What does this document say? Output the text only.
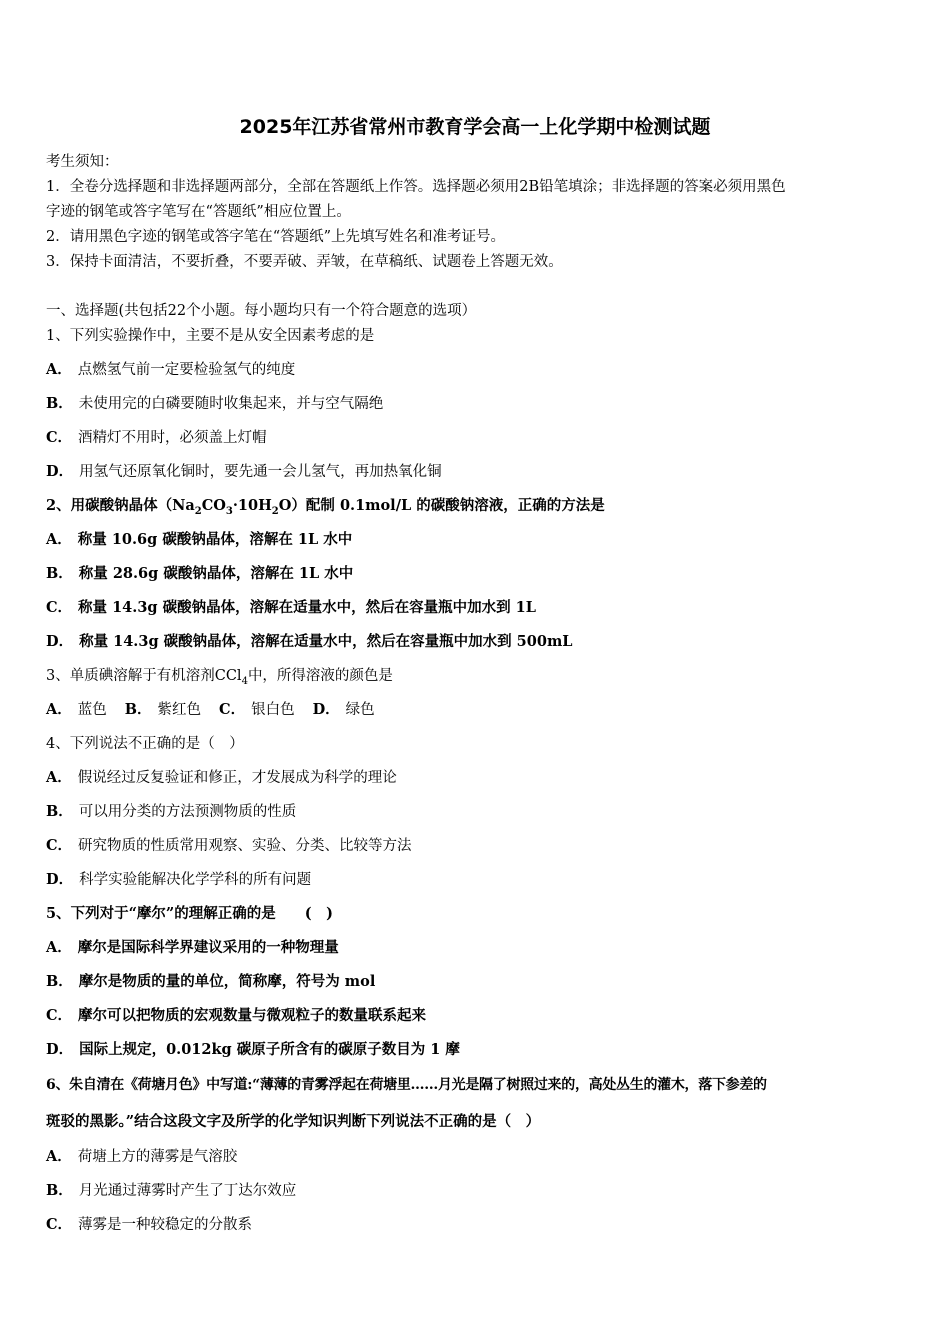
2025年江苏省常州市教育学会高一上化学期中检测试题
考生须知：
1．全卷分选择题和非选择题两部分，全部在答题纸上作答。选择题必须用2B铅笔填涂；非选择题的答案必须用黑色
字迹的钢笔或答字笔写在“答题纸”相应位置上。
2．请用黑色字迹的钢笔或答字笔在“答题纸”上先填写姓名和准考证号。
3．保持卡面清洁，不要折叠，不要弄破、弄皱，在草稿纸、试题卷上答题无效。
一、选择题(共包括22个小题。每小题均只有一个符合题意的选项）
1、下列实验操作中，主要不是从安全因素考虑的是
A． 点燃氢气前一定要检验氢气的纯度
B． 未使用完的白磷要随时收集起来，并与空气隔绝
C． 酒精灯不用时，必须盖上灯帽
D． 用氢气还原氧化铜时，要先通一会儿氢气，再加热氧化铜
2、用碳酸钠晶体$(Na_2CO_3\cdot 10H_2O)$配制 0.1mol/L 的碳酸钠溶液，正确的方法是
A． 称量 10.6g 碳酸钠晶体，溶解在 1L 水中
B． 称量 28.6g 碳酸钠晶体，溶解在 1L 水中
C． 称量 14.3g 碳酸钠晶体，溶解在适量水中，然后在容量瓶中加水到 1L
D． 称量 14.3g 碳酸钠晶体，溶解在适量水中，然后在容量瓶中加水到 500mL
3、单质碘溶解于有机溶剂CCl$_4$中，所得溶液的颜色是
A． 蓝色 B． 紫红色 C． 银白色 D． 绿色
4、下列说法不正确的是（　）
A． 假说经过反复验证和修正，才发展成为科学的理论
B． 可以用分类的方法预测物质的性质
C． 研究物质的性质常用观察、实验、分类、比较等方法
D． 科学实验能解决化学学科的所有问题
5、下列对于“摩尔”的理解正确的是　　(　)
A． 摩尔是国际科学界建议采用的一种物理量
B． 摩尔是物质的量的单位，简称摩，符号为 mol
C． 摩尔可以把物质的宏观数量与微观粒子的数量联系起来
D． 国际上规定，0.012kg 碳原子所含有的碳原子数目为 1 摩
6、朱自清在《荷塘月色》中写道:“薄薄的青雾浮起在荷塘里……月光是隔了树照过来的，高处丛生的灌木，落下参差的
斑驳的黑影。”结合这段文字及所学的化学知识判断下列说法不正确的是（　）
A． 荷塘上方的薄雾是气溶胶
B． 月光通过薄雾时产生了丁达尔效应
C． 薄雾是一种较稳定的分散系
